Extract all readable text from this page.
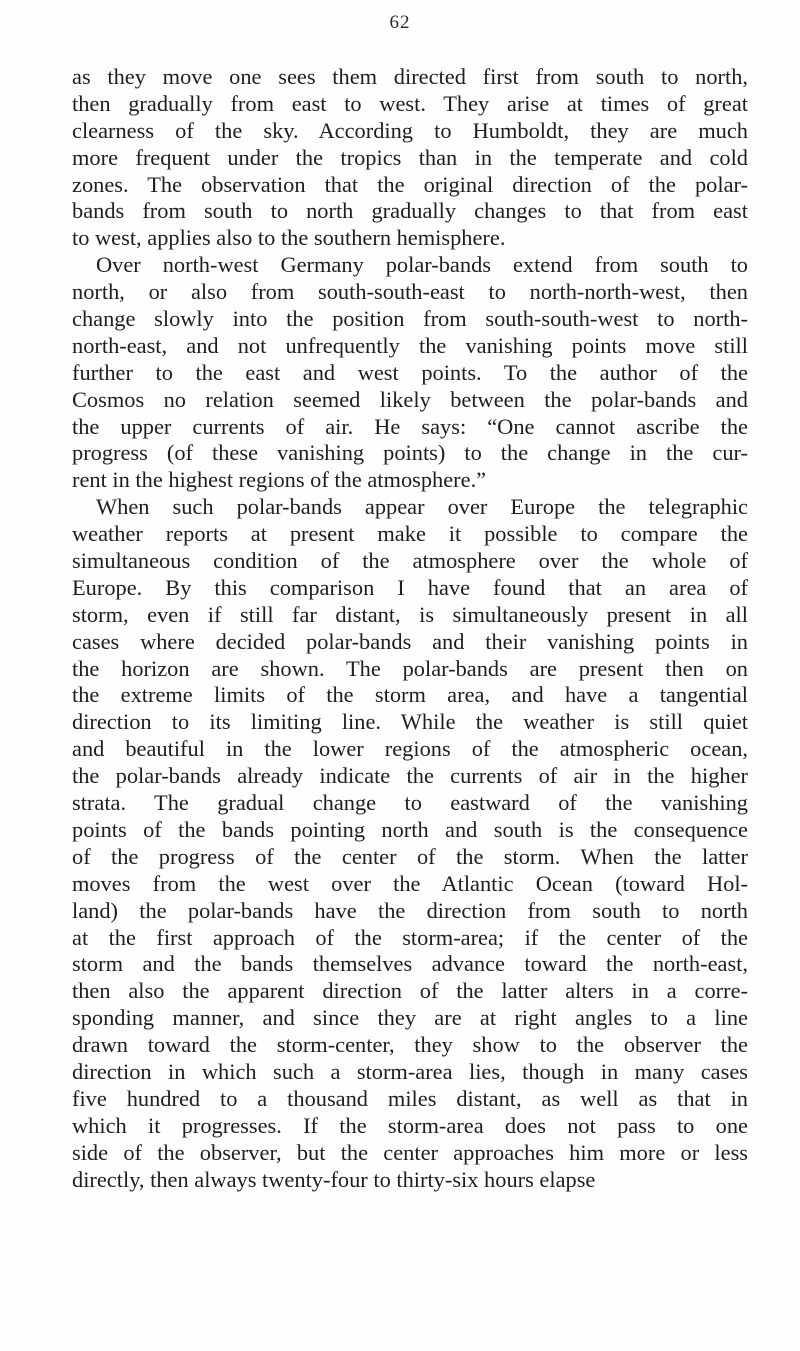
62
as they move one sees them directed first from south to north,
then gradually from east to west. They arise at times of great
clearness of the sky. According to Humboldt, they are much
more frequent under the tropics than in the temperate and cold
zones. The observation that the original direction of the polar-
bands from south to north gradually changes to that from east
to west, applies also to the southern hemisphere.
Over north-west Germany polar-bands extend from south to
north, or also from south-south-east to north-north-west, then
change slowly into the position from south-south-west to north-
north-east, and not unfrequently the vanishing points move still
further to the east and west points. To the author of the
Cosmos no relation seemed likely between the polar-bands and
the upper currents of air. He says: “One cannot ascribe the
progress (of these vanishing points) to the change in the cur-
rent in the highest regions of the atmosphere.”
When such polar-bands appear over Europe the telegraphic
weather reports at present make it possible to compare the
simultaneous condition of the atmosphere over the whole of
Europe. By this comparison I have found that an area of
storm, even if still far distant, is simultaneously present in all
cases where decided polar-bands and their vanishing points in
the horizon are shown. The polar-bands are present then on
the extreme limits of the storm area, and have a tangential
direction to its limiting line. While the weather is still quiet
and beautiful in the lower regions of the atmospheric ocean,
the polar-bands already indicate the currents of air in the higher
strata. The gradual change to eastward of the vanishing
points of the bands pointing north and south is the consequence
of the progress of the center of the storm. When the latter
moves from the west over the Atlantic Ocean (toward Hol-
land) the polar-bands have the direction from south to north
at the first approach of the storm-area; if the center of the
storm and the bands themselves advance toward the north-east,
then also the apparent direction of the latter alters in a corre-
sponding manner, and since they are at right angles to a line
drawn toward the storm-center, they show to the observer the
direction in which such a storm-area lies, though in many cases
five hundred to a thousand miles distant, as well as that in
which it progresses. If the storm-area does not pass to one
side of the observer, but the center approaches him more or less
directly, then always twenty-four to thirty-six hours elapse
